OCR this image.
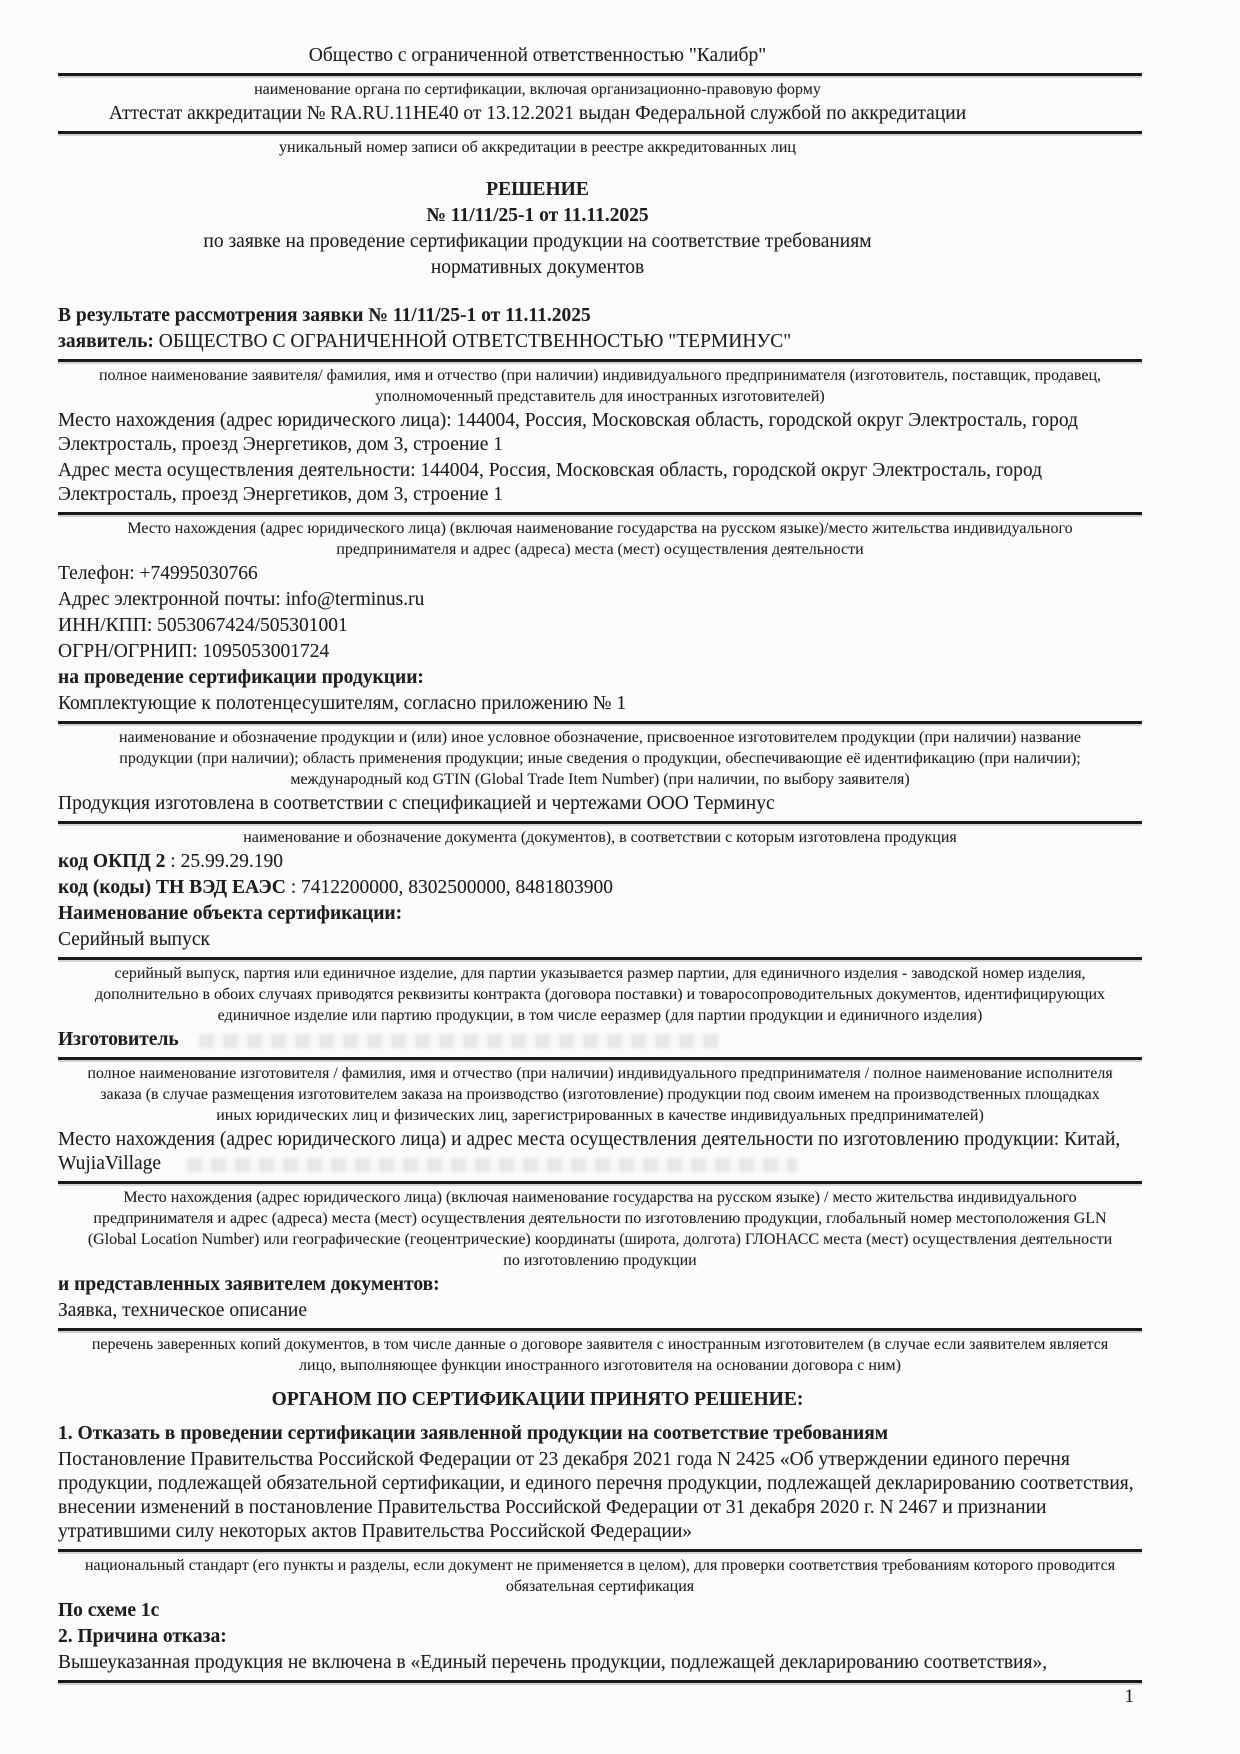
Общество с ограниченной ответственностью "Калибр"

наименование органа по сертификации, включая организационно-правовую форму

Аттестат аккредитации № RA.RU.11HE40 от 13.12.2021 выдан Федеральной службой по аккредитации

уникальный номер записи об аккредитации в реестре аккредитованных лиц

РЕШЕНИЕ

№ 11/11/25-1 от 11.11.2025

по заявке на проведение сертификации продукции на соответствие требованиям

нормативных документов

В результате рассмотрения заявки № 11/11/25-1 от 11.11.2025

заявитель: ОБЩЕСТВО С ОГРАНИЧЕННОЙ ОТВЕТСТВЕННОСТЬЮ "ТЕРМИНУС"

полное наименование заявителя/ фамилия, имя и отчество (при наличии) индивидуального предпринимателя (изготовитель, поставщик, продавец, уполномоченный представитель для иностранных изготовителей)

Место нахождения (адрес юридического лица): 144004, Россия, Московская область, городской округ Электросталь, город Электросталь, проезд Энергетиков, дом 3, строение 1

Адрес места осуществления деятельности: 144004, Россия, Московская область, городской округ Электросталь, город Электросталь, проезд Энергетиков, дом 3, строение 1

Место нахождения (адрес юридического лица) (включая наименование государства на русском языке)/место жительства индивидуального предпринимателя и адрес (адреса) места (мест) осуществления деятельности

Телефон: +74995030766

Адрес электронной почты: info@terminus.ru

ИНН/КПП: 5053067424/505301001

ОГРН/ОГРНИП: 1095053001724

на проведение сертификации продукции:

Комплектующие к полотенцесушителям, согласно приложению № 1

наименование и обозначение продукции и (или) иное условное обозначение, присвоенное изготовителем продукции (при наличии) название продукции (при наличии); область применения продукции; иные сведения о продукции, обеспечивающие её идентификацию (при наличии); международный код GTIN (Global Trade Item Number) (при наличии, по выбору заявителя)

Продукция изготовлена в соответствии с спецификацией и чертежами ООО Терминус

наименование и обозначение документа (документов), в соответствии с которым изготовлена продукция

код ОКПД 2 : 25.99.29.190

код (коды) ТН ВЭД ЕАЭС : 7412200000, 8302500000, 8481803900

Наименование объекта сертификации:

Серийный выпуск

серийный выпуск, партия или единичное изделие, для партии указывается размер партии, для единичного изделия - заводской номер изделия, дополнительно в обоих случаях приводятся реквизиты контракта (договора поставки) и товаросопроводительных документов, идентифицирующих единичное изделие или партию продукции, в том числе ееразмер (для партии продукции и единичного изделия)

Изготовитель

полное наименование изготовителя / фамилия, имя и отчество (при наличии) индивидуального предпринимателя / полное наименование исполнителя заказа (в случае размещения изготовителем заказа на производство (изготовление) продукции под своим именем на производственных площадках иных юридических лиц и физических лиц, зарегистрированных в качестве индивидуальных предпринимателей)

Место нахождения (адрес юридического лица) и адрес места осуществления деятельности по изготовлению продукции: Китай, WujiaVillage

Место нахождения (адрес юридического лица) (включая наименование государства на русском языке) / место жительства индивидуального предпринимателя и адрес (адреса) места (мест) осуществления деятельности по изготовлению продукции, глобальный номер местоположения GLN (Global Location Number) или географические (геоцентрические) координаты (широта, долгота) ГЛОНАСС места (мест) осуществления деятельности по изготовлению продукции

и представленных заявителем документов:

Заявка, техническое описание

перечень заверенных копий документов, в том числе данные о договоре заявителя с иностранным изготовителем (в случае если заявителем является лицо, выполняющее функции иностранного изготовителя на основании договора с ним)

ОРГАНОМ ПО СЕРТИФИКАЦИИ ПРИНЯТО РЕШЕНИЕ:

1. Отказать в проведении сертификации заявленной продукции на соответствие требованиям

Постановление Правительства Российской Федерации от 23 декабря 2021 года N 2425 «Об утверждении единого перечня продукции, подлежащей обязательной сертификации, и единого перечня продукции, подлежащей декларированию соответствия, внесении изменений в постановление Правительства Российской Федерации от 31 декабря 2020 г. N 2467 и признании утратившими силу некоторых актов Правительства Российской Федерации»

национальный стандарт (его пункты и разделы, если документ не применяется в целом), для проверки соответствия требованиям которого проводится обязательная сертификация

По схеме 1с

2. Причина отказа:

Вышеуказанная продукция не включена в «Единый перечень продукции, подлежащей декларированию соответствия»,

1
